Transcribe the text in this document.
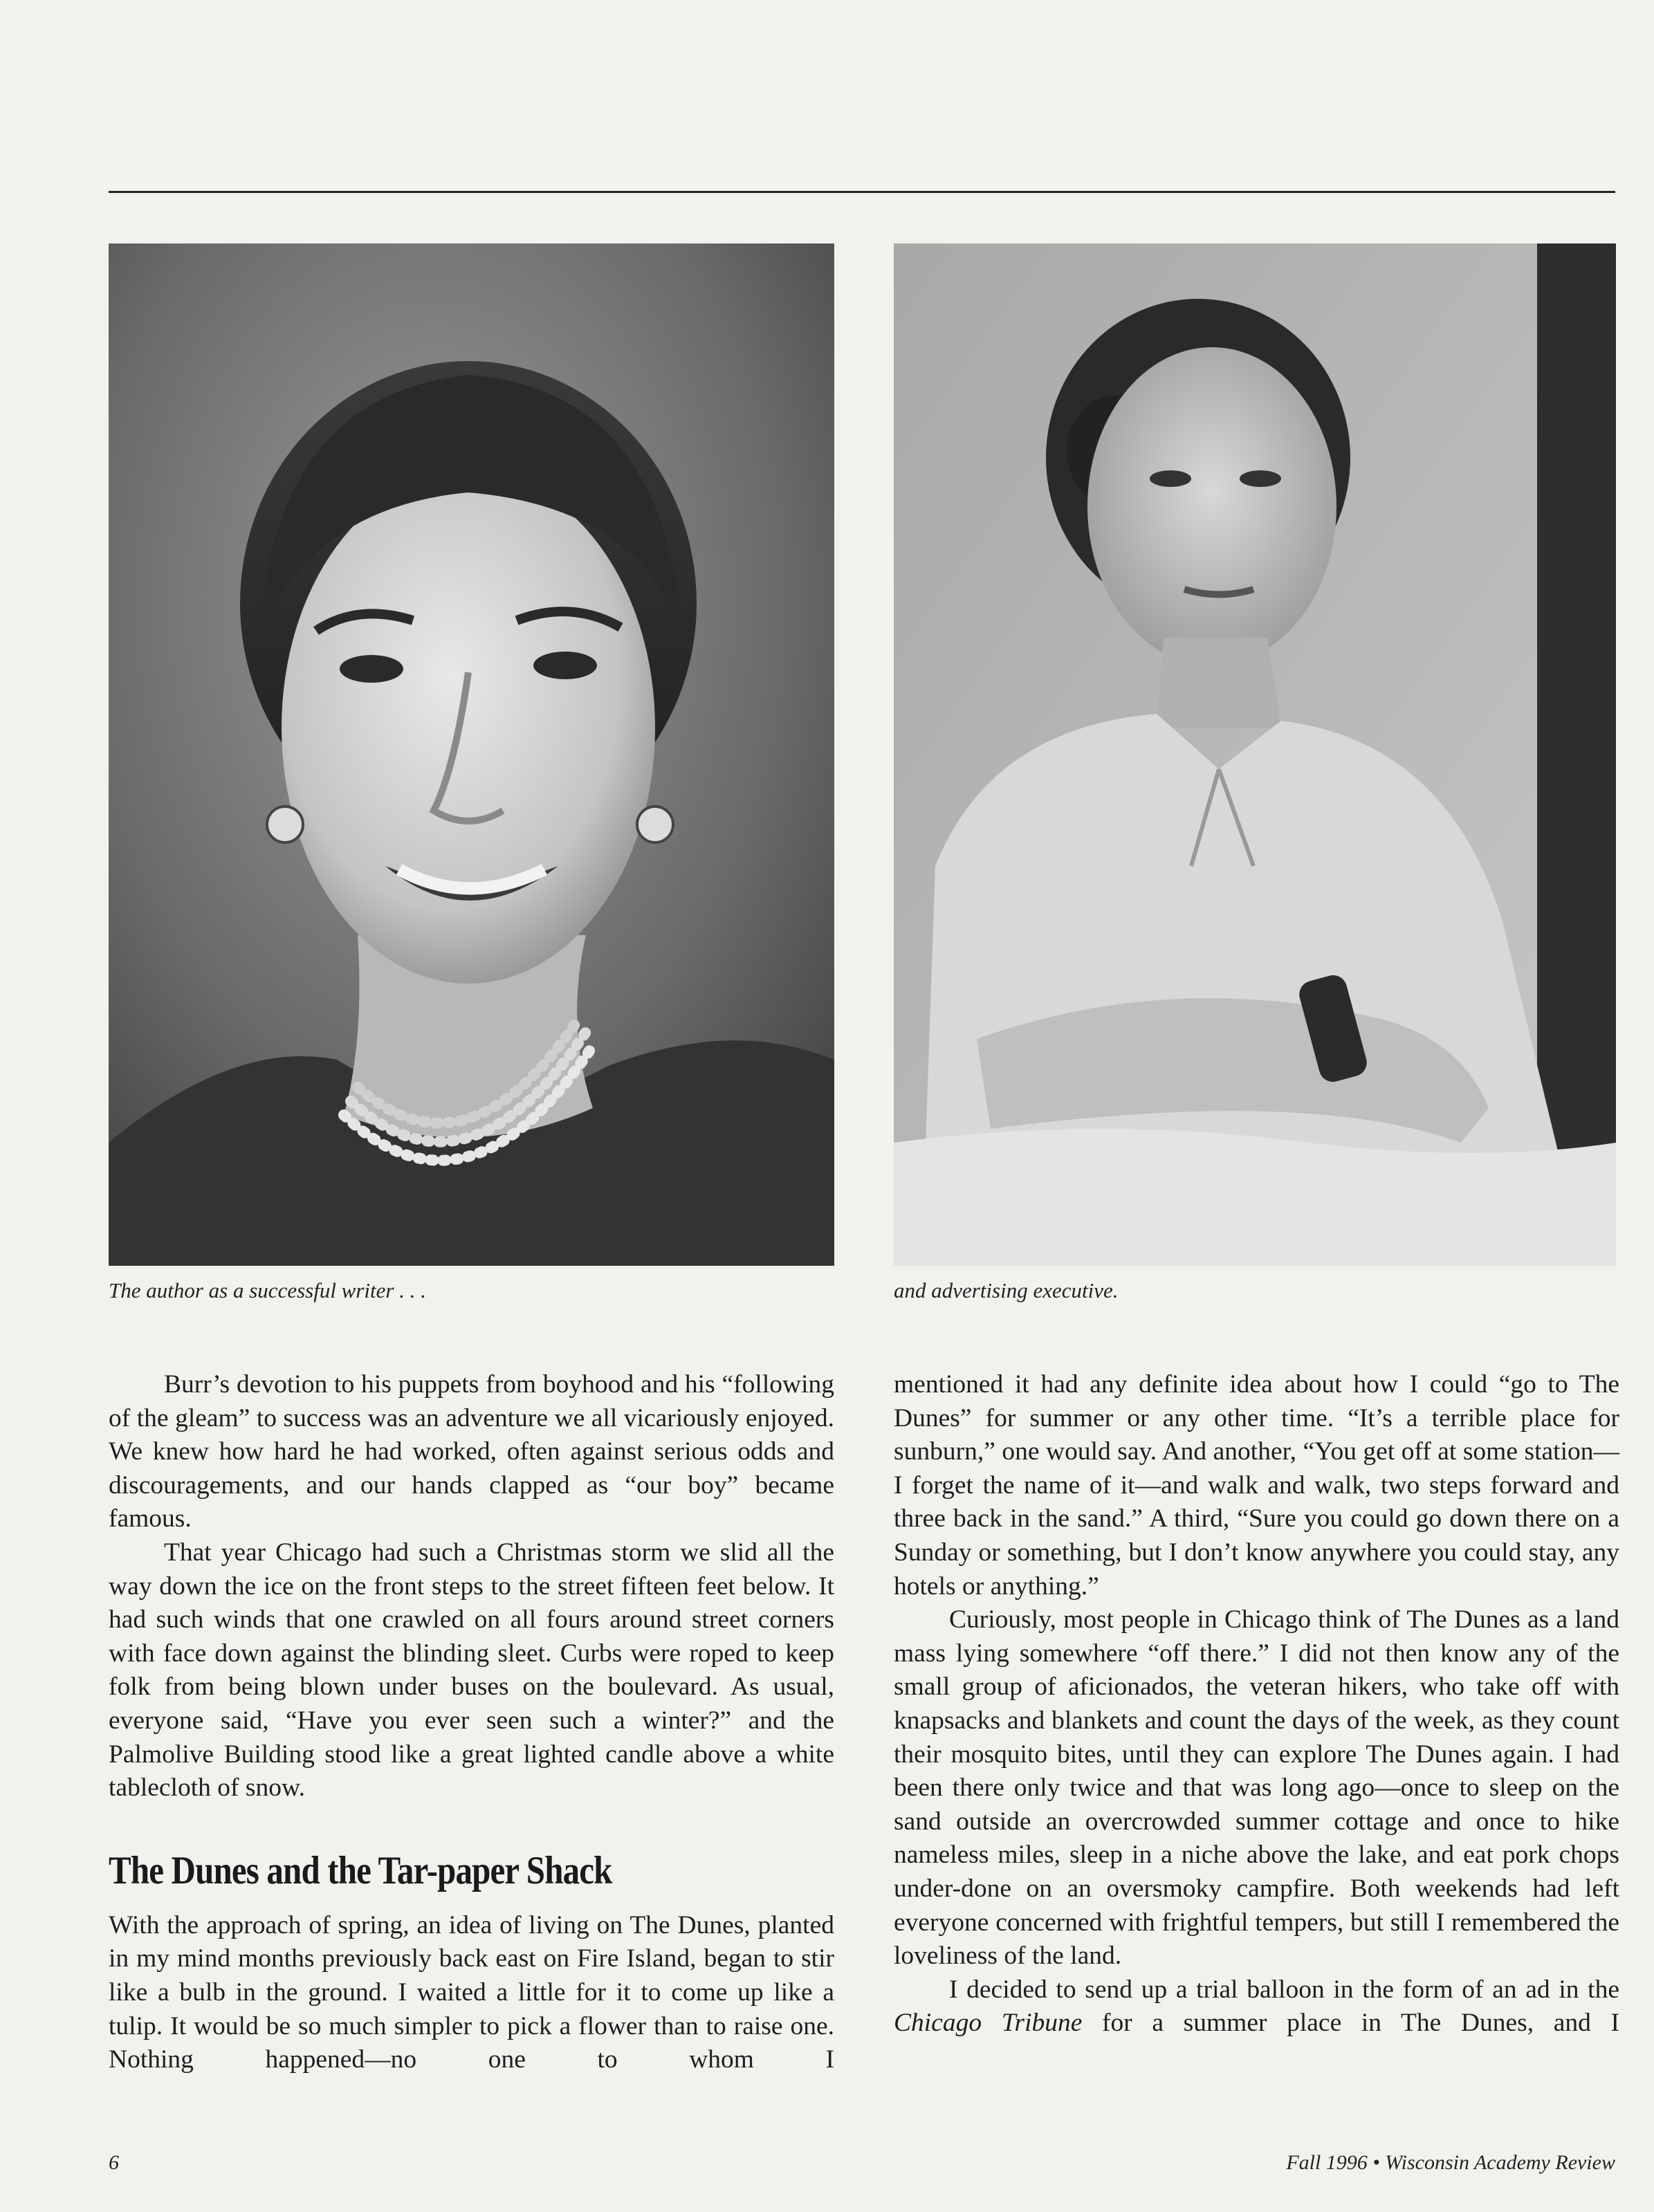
The author as a successful writer . . .	and advertising executive.

Burr’s devotion to his puppets from boyhood and his “following of the gleam” to success was an adventure we all vicariously enjoyed. We knew how hard he had worked, often against serious odds and discouragements, and our hands clapped as “our boy” became famous.

That year Chicago had such a Christmas storm we slid all the way down the ice on the front steps to the street fifteen feet below. It had such winds that one crawled on all fours around street corners with face down against the blinding sleet. Curbs were roped to keep folk from being blown under buses on the boulevard. As usual, everyone said, “Have you ever seen such a winter?” and the Palmolive Building stood like a great lighted candle above a white tablecloth of snow.

The Dunes and the Tar-paper Shack

With the approach of spring, an idea of living on The Dunes, planted in my mind months previously back east on Fire Island, began to stir like a bulb in the ground. I waited a little for it to come up like a tulip. It would be so much simpler to pick a flower than to raise one. Nothing happened—no one to whom I

mentioned it had any definite idea about how I could “go to The Dunes” for summer or any other time. “It’s a terrible place for sunburn,” one would say. And another, “You get off at some station—I forget the name of it—and walk and walk, two steps forward and three back in the sand.” A third, “Sure you could go down there on a Sunday or something, but I don’t know anywhere you could stay, any hotels or anything.”

Curiously, most people in Chicago think of The Dunes as a land mass lying somewhere “off there.” I did not then know any of the small group of aficionados, the veteran hikers, who take off with knapsacks and blankets and count the days of the week, as they count their mosquito bites, until they can explore The Dunes again. I had been there only twice and that was long ago—once to sleep on the sand outside an overcrowded summer cottage and once to hike nameless miles, sleep in a niche above the lake, and eat pork chops under-done on an oversmoky campfire. Both weekends had left everyone concerned with frightful tempers, but still I remembered the loveliness of the land.

I decided to send up a trial balloon in the form of an ad in the Chicago Tribune for a summer place in The Dunes, and I

6	Fall 1996 • Wisconsin Academy Review
